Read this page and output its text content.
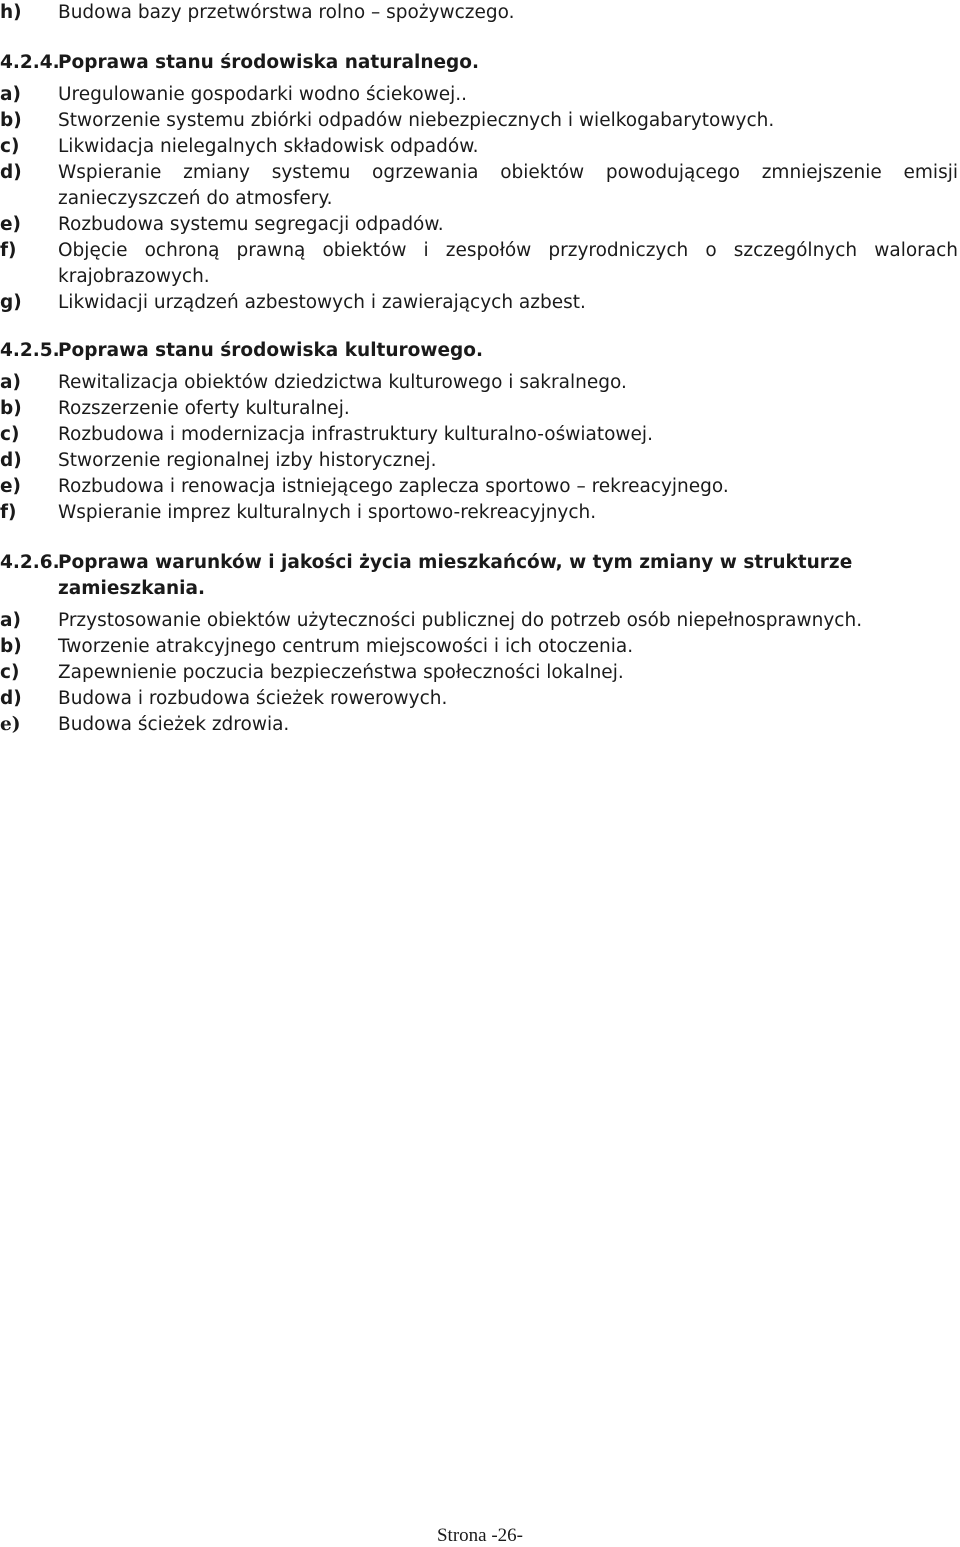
h) Budowa bazy przetwórstwa rolno – spożywczego.
4.2.4.
Poprawa stanu środowiska naturalnego.
a) Uregulowanie gospodarki wodno ściekowej..
b) Stworzenie systemu zbiórki odpadów niebezpiecznych i wielkogabarytowych.
c) Likwidacja nielegalnych składowisk odpadów.
d) Wspieranie zmiany systemu ogrzewania obiektów powodującego zmniejszenie emisji zanieczyszczeń do atmosfery.
e) Rozbudowa systemu segregacji odpadów.
f) Objęcie ochroną prawną obiektów i zespołów przyrodniczych o szczególnych walorach krajobrazowych.
g) Likwidacji urządzeń azbestowych i zawierających azbest.
4.2.5.
Poprawa stanu środowiska kulturowego.
a) Rewitalizacja obiektów dziedzictwa kulturowego i sakralnego.
b) Rozszerzenie oferty kulturalnej.
c) Rozbudowa i modernizacja infrastruktury kulturalno-oświatowej.
d) Stworzenie regionalnej izby historycznej.
e) Rozbudowa i renowacja istniejącego zaplecza sportowo – rekreacyjnego.
f) Wspieranie imprez kulturalnych i sportowo-rekreacyjnych.
4.2.6.
Poprawa warunków i jakości życia mieszkańców, w tym zmiany w strukturze zamieszkania.
a) Przystosowanie obiektów użyteczności publicznej do potrzeb osób niepełnosprawnych.
b) Tworzenie atrakcyjnego centrum miejscowości i ich otoczenia.
c) Zapewnienie poczucia bezpieczeństwa społeczności lokalnej.
d) Budowa i rozbudowa ścieżek rowerowych.
e) Budowa ścieżek zdrowia.
Strona -26-
